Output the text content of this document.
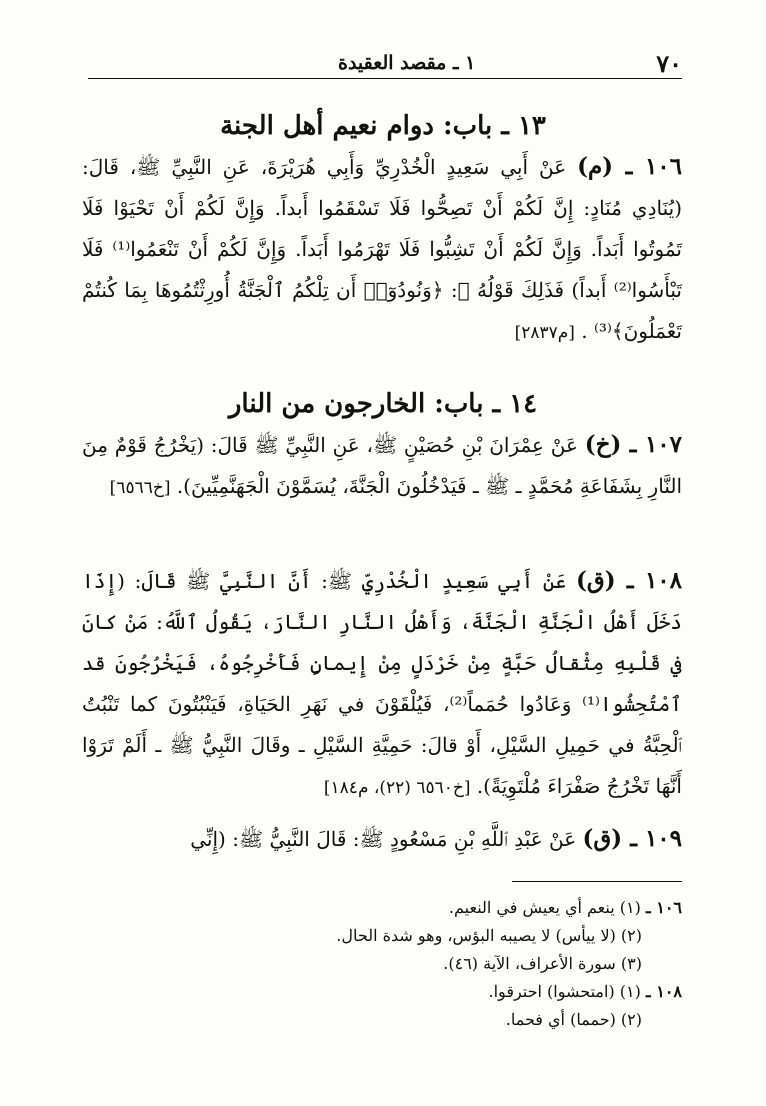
٧٠
١ ـ مقصد العقيدة
١٣ ـ باب: دوام نعيم أهل الجنة
١٠٦ ـ (م) عَنْ أَبِي سَعِيدٍ الْخُدْرِيِّ وَأَبِي هُرَيْرَةَ، عَنِ النَّبِيِّ ﷺ، قَالَ: (يُنَادِي مُنَادٍ: إِنَّ لَكُمْ أَنْ تَصِحُّوا فَلَا تَسْقَمُوا أَبداً. وَإِنَّ لَكُمْ أَنْ تَحْيَوْا فَلَا تَمُوتُوا أَبَداً. وَإِنَّ لَكُمْ أَنْ تَشِبُّوا فَلَا تَهْرَمُوا أَبَداً. وَإِنَّ لَكُمْ أَنْ تَنْعَمُوا⁽¹⁾ فَلَا تَبْأَسُوا⁽²⁾ أَبداً) فَذَلِكَ قَوْلُهُ ﷻ: ﴿وَنُودُوٓا۟ أَن تِلْكُمُ ٱلْجَنَّةُ أُورِثْتُمُوهَا بِمَا كُنتُمْ تَعْمَلُونَ﴾⁽³⁾ . [م٢٨٣٧]
١٤ ـ باب: الخارجون من النار
١٠٧ ـ (خ) عَنْ عِمْرَانَ بْنِ حُصَيْنٍ ﷺ، عَنِ النَّبِيِّ ﷺ قَالَ: (يَخْرُجُ قَوْمٌ مِنَ النَّارِ بِشَفَاعَةِ مُحَمَّدٍ ـ ﷺ ـ فَيَدْخُلُونَ الْجَنَّةَ، يُسَمَّوْنَ الْجَهَنَّمِيِّينَ). [خ٦٥٦٦]
١٠٨ ـ (ق) عَنْ أَبِي سَعِيدٍ الْخُدْرِيِّ ﷺ: أَنَّ النَّبِيَّ ﷺ قَالَ: (إِذَا دَخَلَ أَهْلُ الْجَنَّةِ الْجَنَّةَ، وَأَهْلُ النَّارِ النَّارَ، يَقُولُ ٱللَّهُ: مَنْ كانَ في قَلْبِهِ مِثْقالُ حَبَّةٍ مِنْ خَرْدَلٍ مِنْ إِيمانٍ فَأَخْرِجُوهُ، فَيَخْرُجُونَ قد ٱمْتُحِشُوا⁽¹⁾ وَعَادُوا حُمَماً⁽²⁾، فَيُلْقَوْنَ في نَهَرِ الحَيَاةِ، فَيَنْبُتُونَ كما تَنْبُتُ ٱلْحِبَّةُ في حَمِيلِ السَّيْلِ، أَوْ قالَ: حَمِيَّةِ السَّيْلِ ـ وقَالَ النَّبِيُّ ﷺ ـ أَلَمْ تَرَوْا أَنَّهَا تَخْرُجُ صَفْرَاءَ مُلْتَوِيَةً). [خ٦٥٦٠ (٢٢)، م١٨٤]
١٠٩ ـ (ق) عَنْ عَبْدِ ٱللَّهِ بْنِ مَسْعُودٍ ﷺ: قَالَ النَّبِيُّ ﷺ: (إِنِّي
١٠٦ ـ (١) ينعم أي يعيش في النعيم.
(٢) (لا ييأس) لا يصيبه البؤس، وهو شدة الحال.
(٣) سورة الأعراف، الآية (٤٦).
١٠٨ ـ (١) (امتحشوا) احترقوا.
(٢) (حمما) أي فحما.
